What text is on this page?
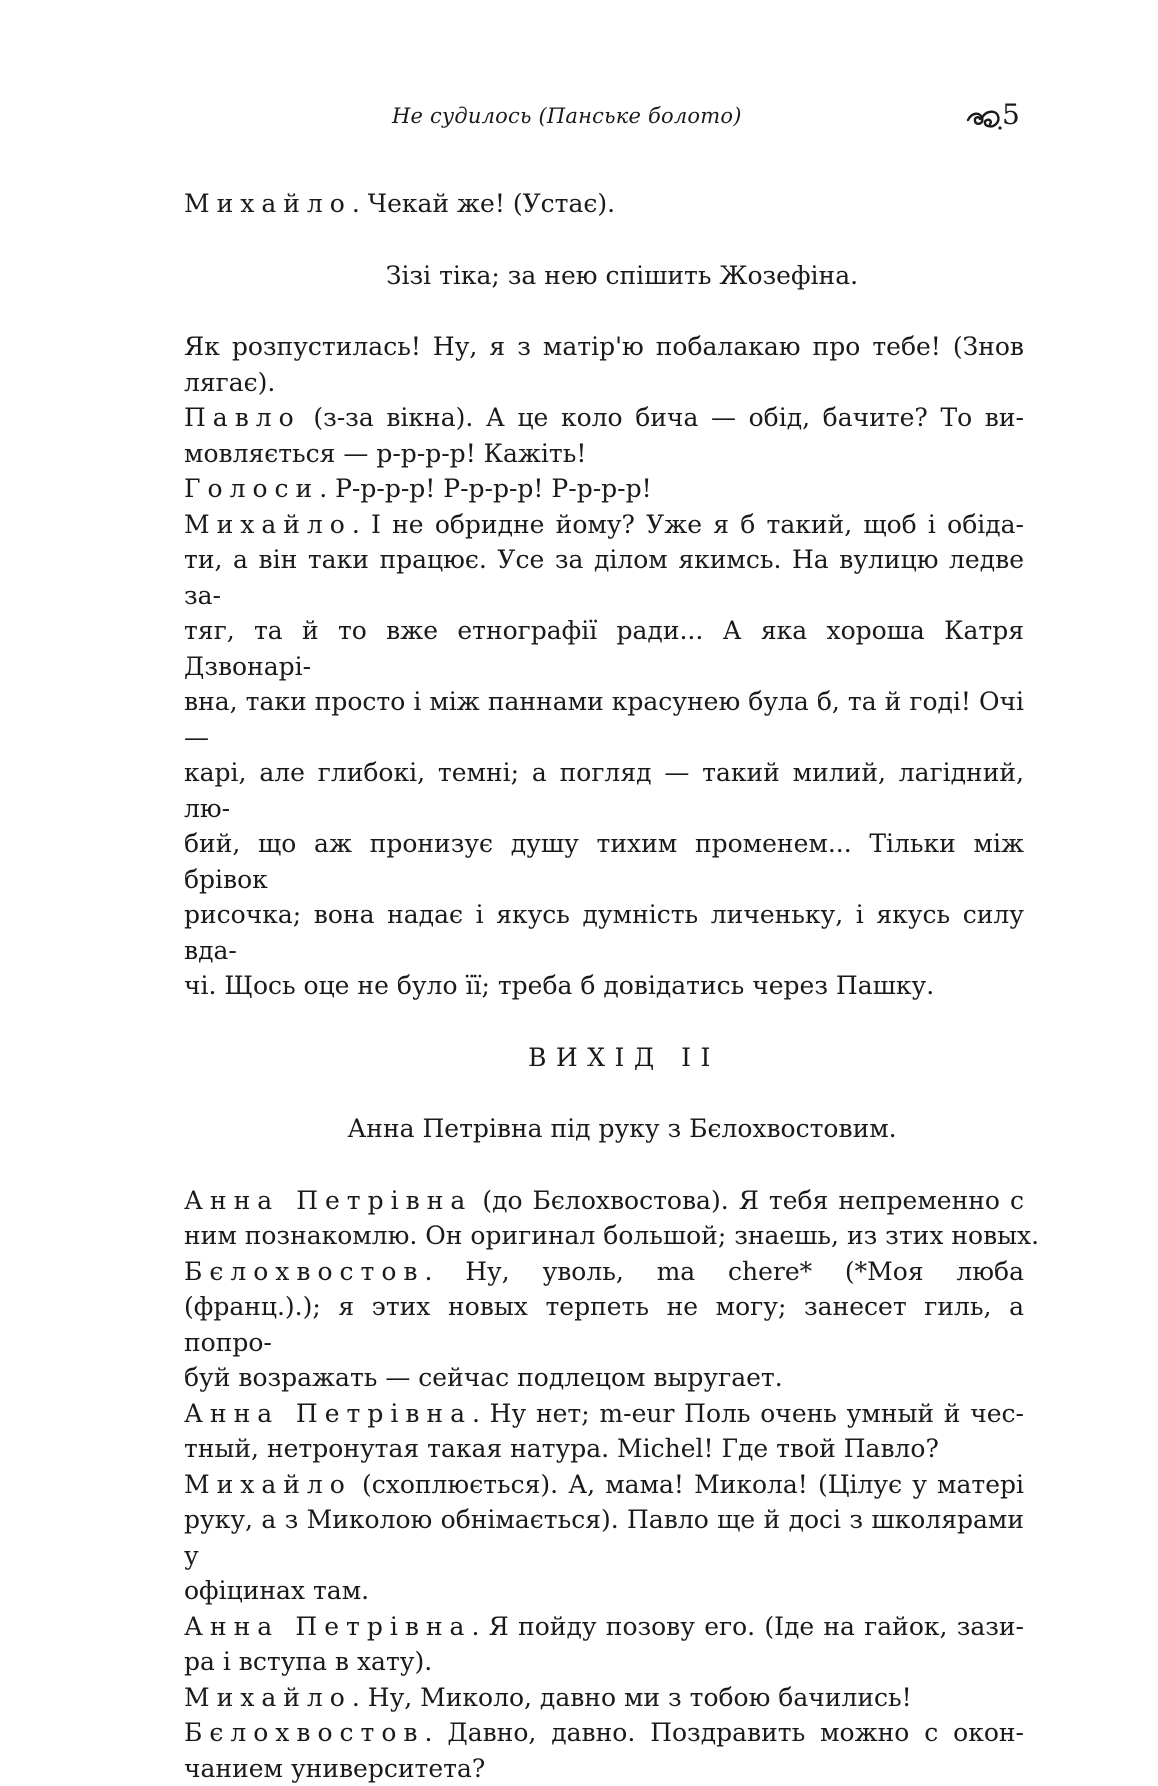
Не судилось (Панське болото)	5
Михайло. Чекай же! (Устає).
Зізі тіка; за нею спішить Жозефіна.
Як розпустилась! Ну, я з матір'ю побалакаю про тебе! (Знов
лягає).
Павло (з-за вікна). А це коло бича — обід, бачите? То ви-
мовляється — р-р-р-р! Кажіть!
Голоси. Р-р-р-р! Р-р-р-р! Р-р-р-р!
Михайло. І не обридне йому? Уже я б такий, щоб і обіда-
ти, а він таки працює. Усе за ділом якимсь. На вулицю ледве за-
тяг, та й то вже етнографії ради... А яка хороша Катря Дзвонарі-
вна, таки просто і між паннами красунею була б, та й годі! Очі —
карі, але глибокі, темні; а погляд — такий милий, лагідний, лю-
бий, що аж пронизує душу тихим променем... Тільки між брівок
рисочка; вона надає і якусь думність личеньку, і якусь силу вда-
чі. Щось оце не було її; треба б довідатись через Пашку.
ВИХІД II
Анна Петрівна під руку з Бєлохвостовим.
Анна Петрівна (до Бєлохвостова). Я тебя непременно с
ним познакомлю. Он оригинал большой; знаешь, из зтих новых.
Бєлохвостов. Ну, уволь, ma chere* (*Моя люба
(франц.).); я этих новых терпеть не могу; занесет гиль, а попро-
буй возражать — сейчас подлецом выругает.
Анна Петрівна. Ну нет; m-eur Поль очень умный й чес-
тный, нетронутая такая натура. Michel! Где твой Павло?
Михайло (схоплюється). А, мама! Микола! (Цілує у матері
руку, а з Миколою обнімається). Павло ще й досі з школярами у
офіцинах там.
Анна Петрівна. Я пойду позову его. (Іде на гайок, зази-
ра і вступа в хату).
Михайло. Ну, Миколо, давно ми з тобою бачились!
Бєлохвостов. Давно, давно. Поздравить можно с окон-
чанием университета?
